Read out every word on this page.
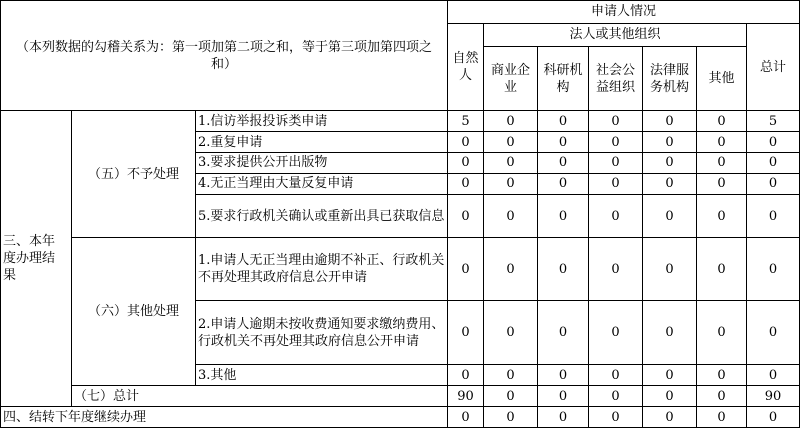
（本列数据的勾稽关系为：第一项加第二项之和，等于第三项加第四项之和）			申请人情况						
			自然人	法人或其他组织					总计
				商业企业	科研机构	社会公益组织	法律服务机构	其他	
三、本年度办理结果	（五）不予处理	1.信访举报投诉类申请	5	0	0	0	0	0	5
		2.重复申请	0	0	0	0	0	0	0
		3.要求提供公开出版物	0	0	0	0	0	0	0
		4.无正当理由大量反复申请	0	0	0	0	0	0	0
		5.要求行政机关确认或重新出具已获取信息	0	0	0	0	0	0	0
	（六）其他处理	1.申请人无正当理由逾期不补正、行政机关不再处理其政府信息公开申请	0	0	0	0	0	0	0
		2.申请人逾期未按收费通知要求缴纳费用、行政机关不再处理其政府信息公开申请	0	0	0	0	0	0	0
		3.其他	0	0	0	0	0	0	0
	（七）总计		90	0	0	0	0	0	90
四、结转下年度继续办理			0	0	0	0	0	0	0
